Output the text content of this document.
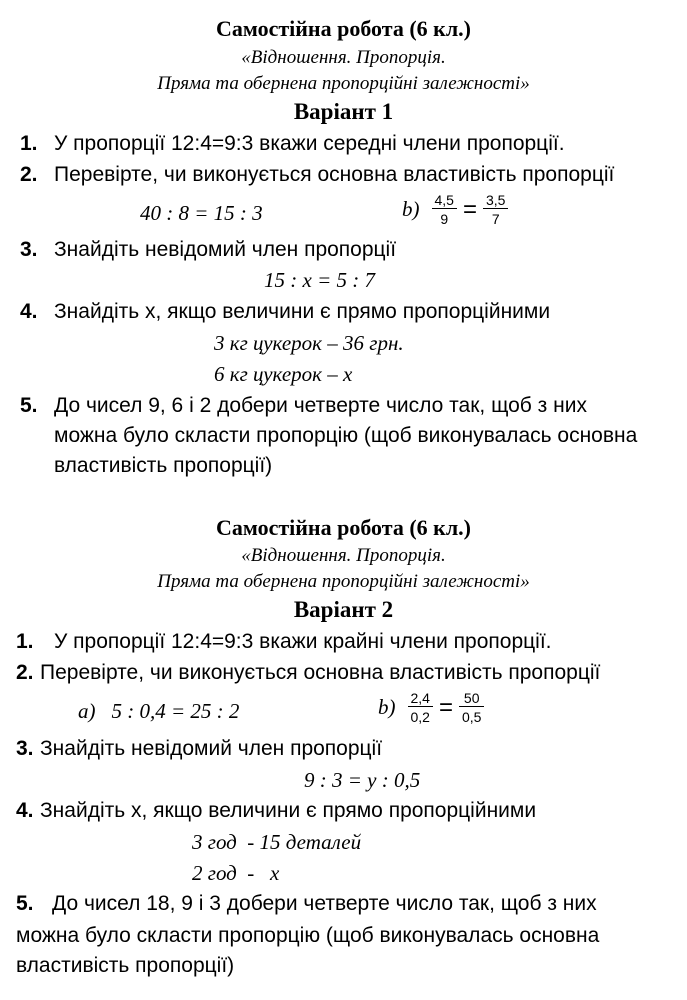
Самостійна робота (6 кл.)
«Відношення. Пропорція.
Пряма та обернена пропорційні залежності»
Варіант 1
1. У пропорції 12:4=9:3 вкажи середні члени пропорції.
2. Перевірте, чи виконується основна властивість пропорції
40 : 8 = 15 : 3	$b) \frac{4,5}{9} = \frac{3,5}{7}$
3. Знайдіть невідомий член пропорції
15 : x = 5 : 7
4. Знайдіть x, якщо величини є прямо пропорційними
3 кг цукерок – 36 грн.
6 кг цукерок – x
5. До чисел 9, 6 і 2 добери четверте число так, щоб з них
можна було скласти пропорцію (щоб виконувалась основна
властивість пропорції)
Самостійна робота (6 кл.)
«Відношення. Пропорція.
Пряма та обернена пропорційні залежності»
Варіант 2
1. У пропорції 12:4=9:3 вкажи крайні члени пропорції.
2. Перевірте, чи виконується основна властивість пропорції
a) 5 : 0,4 = 25 : 2	$b) \frac{2,4}{0,2} = \frac{50}{0,5}$
3. Знайдіть невідомий член пропорції
9 : 3 = y : 0,5
4. Знайдіть x, якщо величини є прямо пропорційними
3 год  - 15 деталей
2 год  -   x
5. До чисел 18, 9 і 3 добери четверте число так, щоб з них
можна було скласти пропорцію (щоб виконувалась основна
властивість пропорції)
